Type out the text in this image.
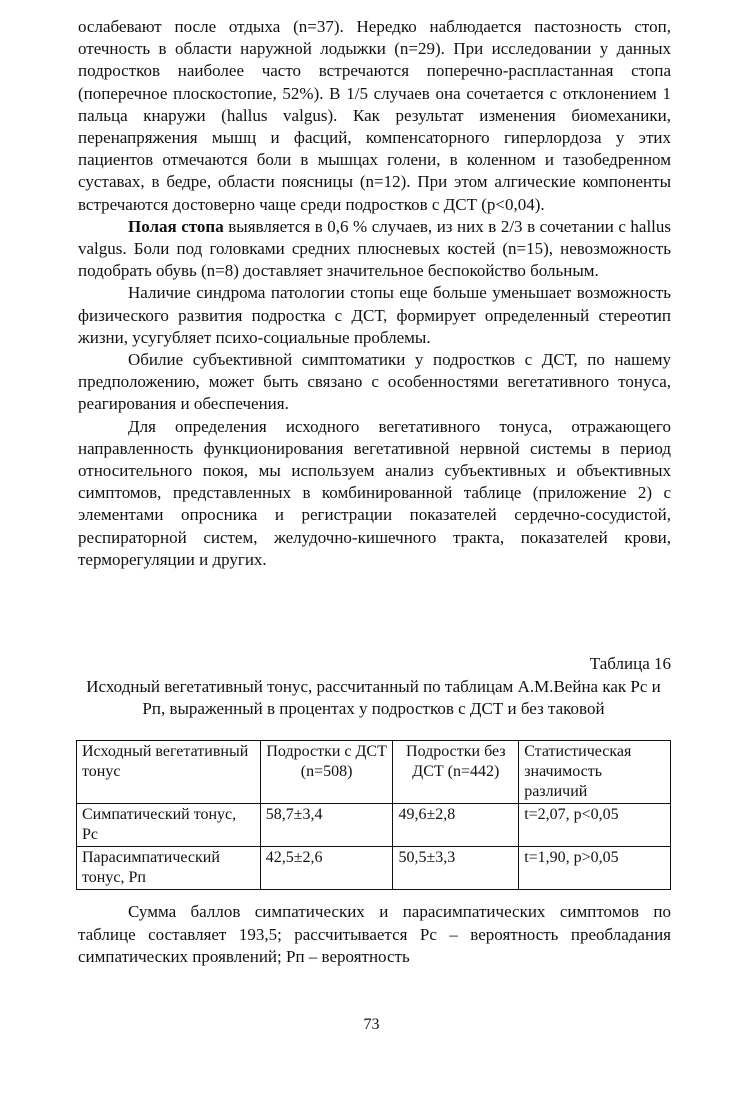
ослабевают после отдыха (n=37). Нередко наблюдается пастозность стоп, отечность в области наружной лодыжки (n=29). При исследовании у данных подростков наиболее часто встречаются поперечно-распластанная стопа (поперечное плоскостопие, 52%). В 1/5 случаев она сочетается с отклонением 1 пальца кнаружи (hallus valgus). Как результат изменения биомеханики, перенапряжения мышц и фасций, компенсаторного гиперлордоза у этих пациентов отмечаются боли в мышцах голени, в коленном и тазобедренном суставах, в бедре, области поясницы (n=12). При этом алгические компоненты встречаются достоверно чаще среди подростков с ДСТ (р<0,04).

Полая стопа выявляется в 0,6 % случаев, из них в 2/3 в сочетании с hallus valgus. Боли под головками средних плюсневых костей (n=15), невозможность подобрать обувь (n=8) доставляет значительное беспокойство больным.

Наличие синдрома патологии стопы еще больше уменьшает возможность физического развития подростка с ДСТ, формирует определенный стереотип жизни, усугубляет психо-социальные проблемы.

Обилие субъективной симптоматики у подростков с ДСТ, по нашему предположению, может быть связано с особенностями вегетативного тонуса, реагирования и обеспечения.

Для определения исходного вегетативного тонуса, отражающего направленность функционирования вегетативной нервной системы в период относительного покоя, мы используем анализ субъективных и объективных симптомов, представленных в комбинированной таблице (приложение 2) с элементами опросника и регистрации показателей сердечно-сосудистой, респираторной систем, желудочно-кишечного тракта, показателей крови, терморегуляции и других.

Таблица 16
Исходный вегетативный тонус, рассчитанный по таблицам А.М.Вейна как Рс и Рп, выраженный в процентах у подростков с ДСТ и без таковой
Исходный вегетативный тонус	Подростки с ДСТ (n=508)	Подростки без ДСТ (n=442)	Статистическая значимость различий
Симпатический тонус, Рс	58,7±3,4	49,6±2,8	t=2,07, p<0,05
Парасимпатический тонус, Рп	42,5±2,6	50,5±3,3	t=1,90, p>0,05

Сумма баллов симпатических и парасимпатических симптомов по таблице составляет 193,5; рассчитывается Рс – вероятность преобладания симпатических проявлений; Рп – вероятность

73
